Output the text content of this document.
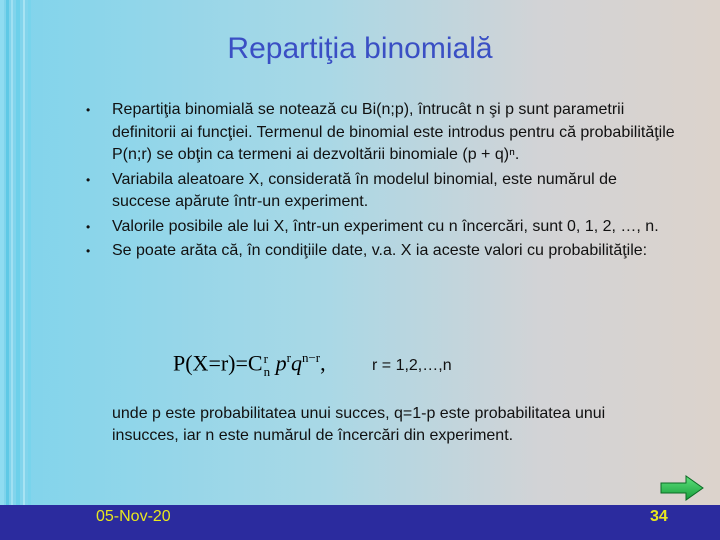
Repartiţia binomială
• Repartiţia binomială se notează cu Bi(n;p), întrucât n şi p sunt parametrii definitorii ai funcţiei. Termenul de binomial este introdus pentru că probabilităţile P(n;r) se obţin ca termeni ai dezvoltării binomiale (p + q)ⁿ.
• Variabila aleatoare X, considerată în modelul binomial, este numărul de succese apărute într‑un experiment.
• Valorile posibile ale lui X, într‑un experiment cu n încercări, sunt 0, 1, 2, …, n.
• Se poate arăta că, în condiţiile date, v.a. X ia aceste valori cu probabilităţile:
P(X=r)=C r
n $p^rq^{n-r}$,	r = 1,2,…,n
unde p este probabilitatea unui succes, q=1-p este probabilitatea unui insucces, iar n este numărul de încercări din experiment.
05-Nov-20	34
